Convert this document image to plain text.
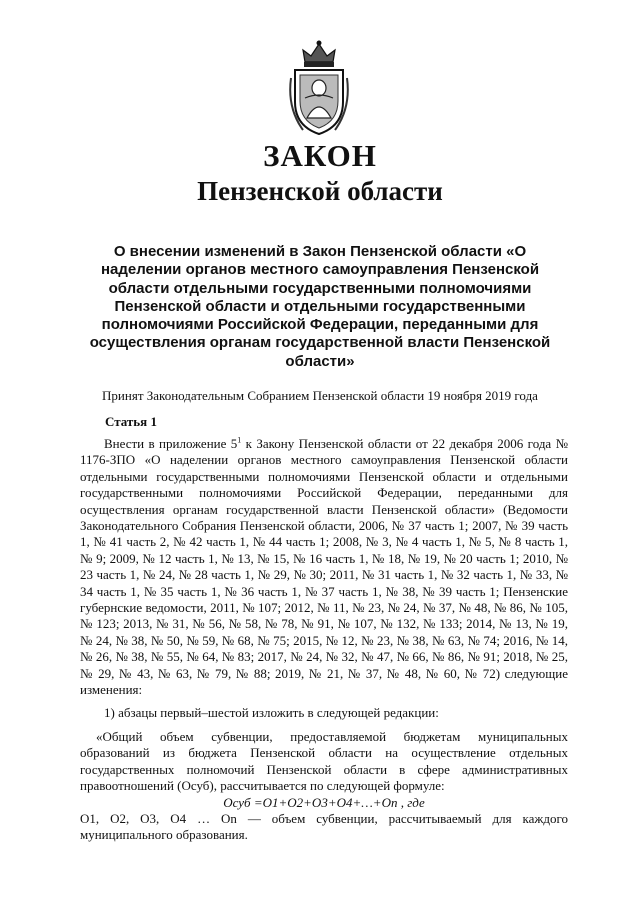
ЗАКОН
Пензенской области
О внесении изменений в Закон Пензенской области «О наделении органов местного самоуправления Пензенской области отдельными государственными полномочиями Пензенской области и отдельными государственными полномочиями Российской Федерации, переданными для осуществления органам государственной власти Пензенской области»
Принят Законодательным Собранием Пензенской области 19 ноября 2019 года
Статья 1

Внести в приложение $5^1$ к Закону Пензенской области от 22 декабря 2006 года № 1176-ЗПО «О наделении органов местного самоуправления Пензенской области отдельными государственными полномочиями Пензенской области и отдельными государственными полномочиями Российской Федерации, переданными для осуществления органам государственной власти Пензенской области» (Ведомости Законодательного Собрания Пензенской области, 2006, № 37 часть 1; 2007, № 39 часть 1, № 41 часть 2, № 42 часть 1, № 44 часть 1; 2008, № 3, № 4 часть 1, № 5, № 8 часть 1, № 9; 2009, № 12 часть 1, № 13, № 15, № 16 часть 1, № 18, № 19, № 20 часть 1; 2010, № 23 часть 1, № 24, № 28 часть 1, № 29, № 30; 2011, № 31 часть 1, № 32 часть 1, № 33, № 34 часть 1, № 35 часть 1, № 36 часть 1, № 37 часть 1, № 38, № 39 часть 1; Пензенские губернские ведомости, 2011, № 107; 2012, № 11, № 23, № 24, № 37, № 48, № 86, № 105, № 123; 2013, № 31, № 56, № 58, № 78, № 91, № 107, № 132, № 133; 2014, № 13, № 19, № 24, № 38, № 50, № 59, № 68, № 75; 2015, № 12, № 23, № 38, № 63, № 74; 2016, № 14, № 26, № 38, № 55, № 64, № 83; 2017, № 24, № 32, № 47, № 66, № 86, № 91; 2018, № 25, № 29, № 43, № 63, № 79, № 88; 2019, № 21, № 37, № 48, № 60, № 72) следующие изменения:

1) абзацы первый–шестой изложить в следующей редакции:

«Общий объем субвенции, предоставляемой бюджетам муниципальных образований из бюджета Пензенской области на осуществление отдельных государственных полномочий Пензенской области в сфере административных правоотношений (Oсуб), рассчитывается по следующей формуле:

Oсуб =O1+O2+O3+O4+…+On , где

O1, O2, O3, O4 … On — объем субвенции, рассчитываемый для каждого муниципального образования.
